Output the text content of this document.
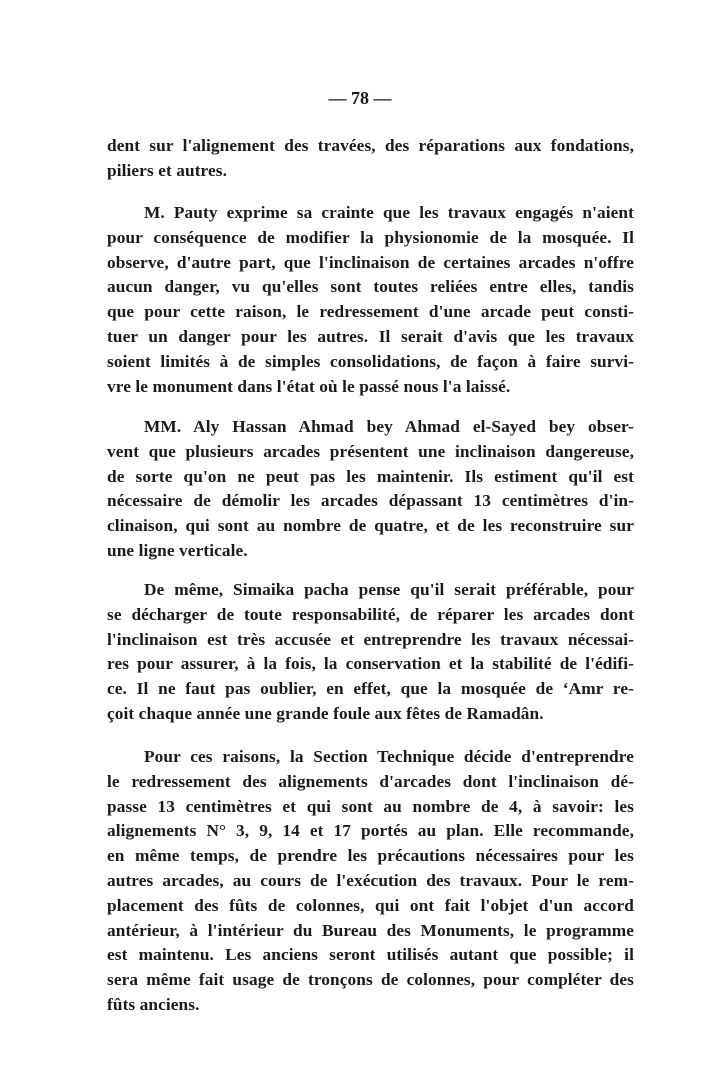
— 78 —
dent sur l'alignement des travées, des réparations aux fondations,
piliers et autres.
M. Pauty exprime sa crainte que les travaux engagés n'aient
pour conséquence de modifier la physionomie de la mosquée. Il
observe, d'autre part, que l'inclinaison de certaines arcades n'offre
aucun danger, vu qu'elles sont toutes reliées entre elles, tandis
que pour cette raison, le redressement d'une arcade peut consti-
tuer un danger pour les autres. Il serait d'avis que les travaux
soient limités à de simples consolidations, de façon à faire survi-
vre le monument dans l'état où le passé nous l'a laissé.
MM. Aly Hassan Ahmad bey Ahmad el-Sayed bey obser-
vent que plusieurs arcades présentent une inclinaison dangereuse,
de sorte qu'on ne peut pas les maintenir. Ils estiment qu'il est
nécessaire de démolir les arcades dépassant 13 centimètres d'in-
clinaison, qui sont au nombre de quatre, et de les reconstruire sur
une ligne verticale.
De même, Simaika pacha pense qu'il serait préférable, pour
se décharger de toute responsabilité, de réparer les arcades dont
l'inclinaison est très accusée et entreprendre les travaux nécessai-
res pour assurer, à la fois, la conservation et la stabilité de l'édifi-
ce. Il ne faut pas oublier, en effet, que la mosquée de ‘Amr re-
çoit chaque année une grande foule aux fêtes de Ramadân.
Pour ces raisons, la Section Technique décide d'entreprendre
le redressement des alignements d'arcades dont l'inclinaison dé-
passe 13 centimètres et qui sont au nombre de 4, à savoir: les
alignements N° 3, 9, 14 et 17 portés au plan. Elle recommande,
en même temps, de prendre les précautions nécessaires pour les
autres arcades, au cours de l'exécution des travaux. Pour le rem-
placement des fûts de colonnes, qui ont fait l'objet d'un accord
antérieur, à l'intérieur du Bureau des Monuments, le programme
est maintenu. Les anciens seront utilisés autant que possible; il
sera même fait usage de tronçons de colonnes, pour compléter des
fûts anciens.
